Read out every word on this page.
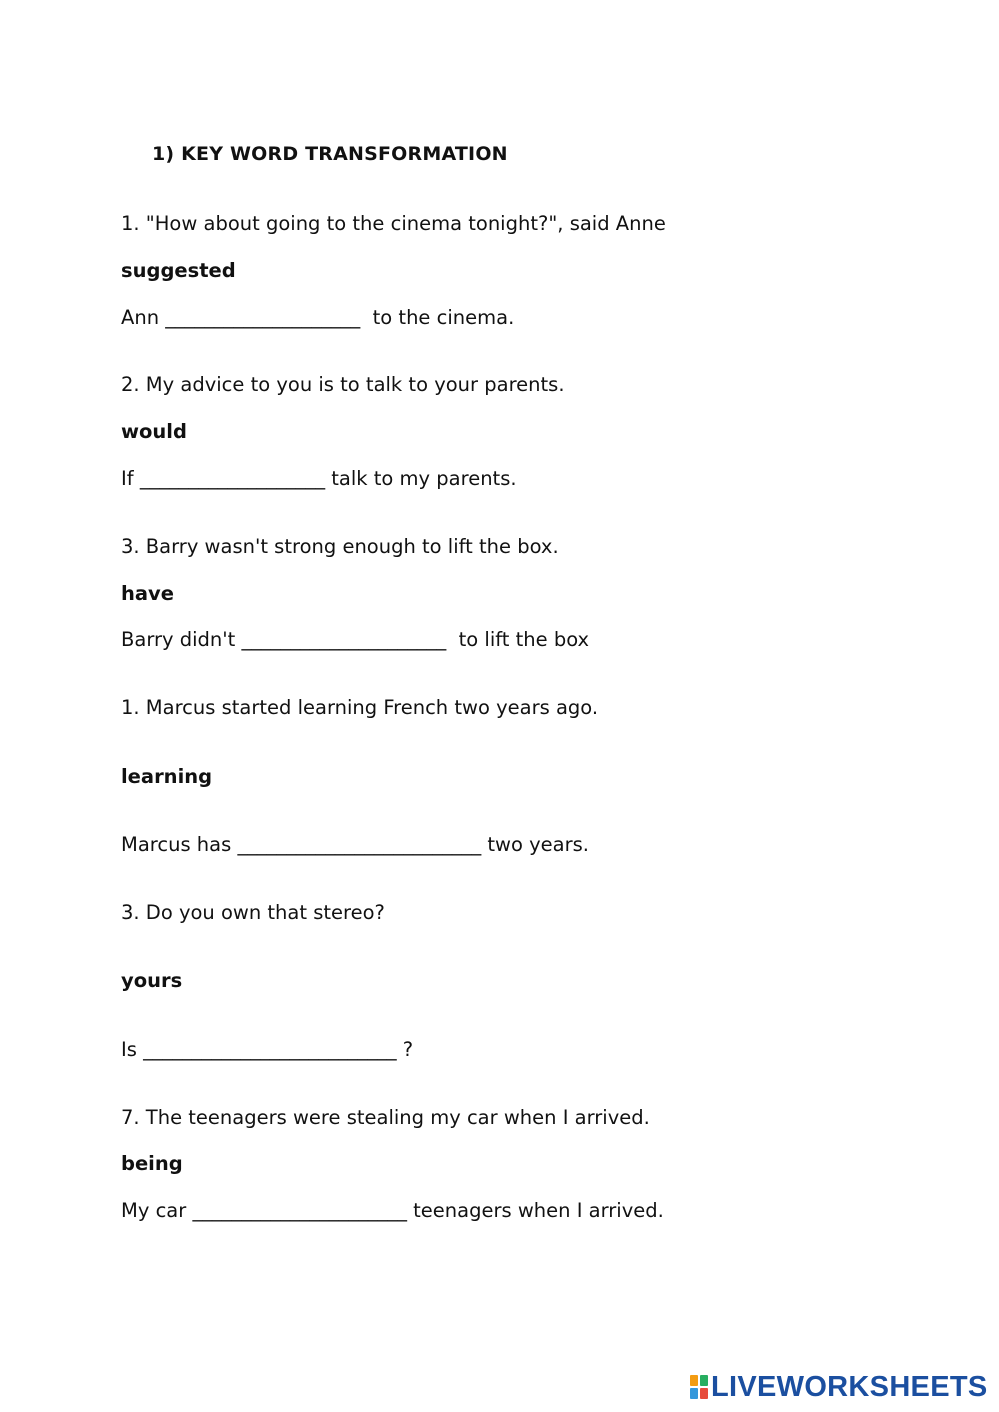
1) KEY WORD TRANSFORMATION
1. "How about going to the cinema tonight?", said Anne
suggested
Ann ____________________  to the cinema.
2. My advice to you is to talk to your parents.
would
If ___________________ talk to my parents.
3. Barry wasn't strong enough to lift the box.
have
Barry didn't _____________________  to lift the box
1. Marcus started learning French two years ago.
learning
Marcus has _________________________ two years.
3. Do you own that stereo?
yours
Is __________________________ ?
7. The teenagers were stealing my car when I arrived.
being
My car ______________________ teenagers when I arrived.
LIVEWORKSHEETS
